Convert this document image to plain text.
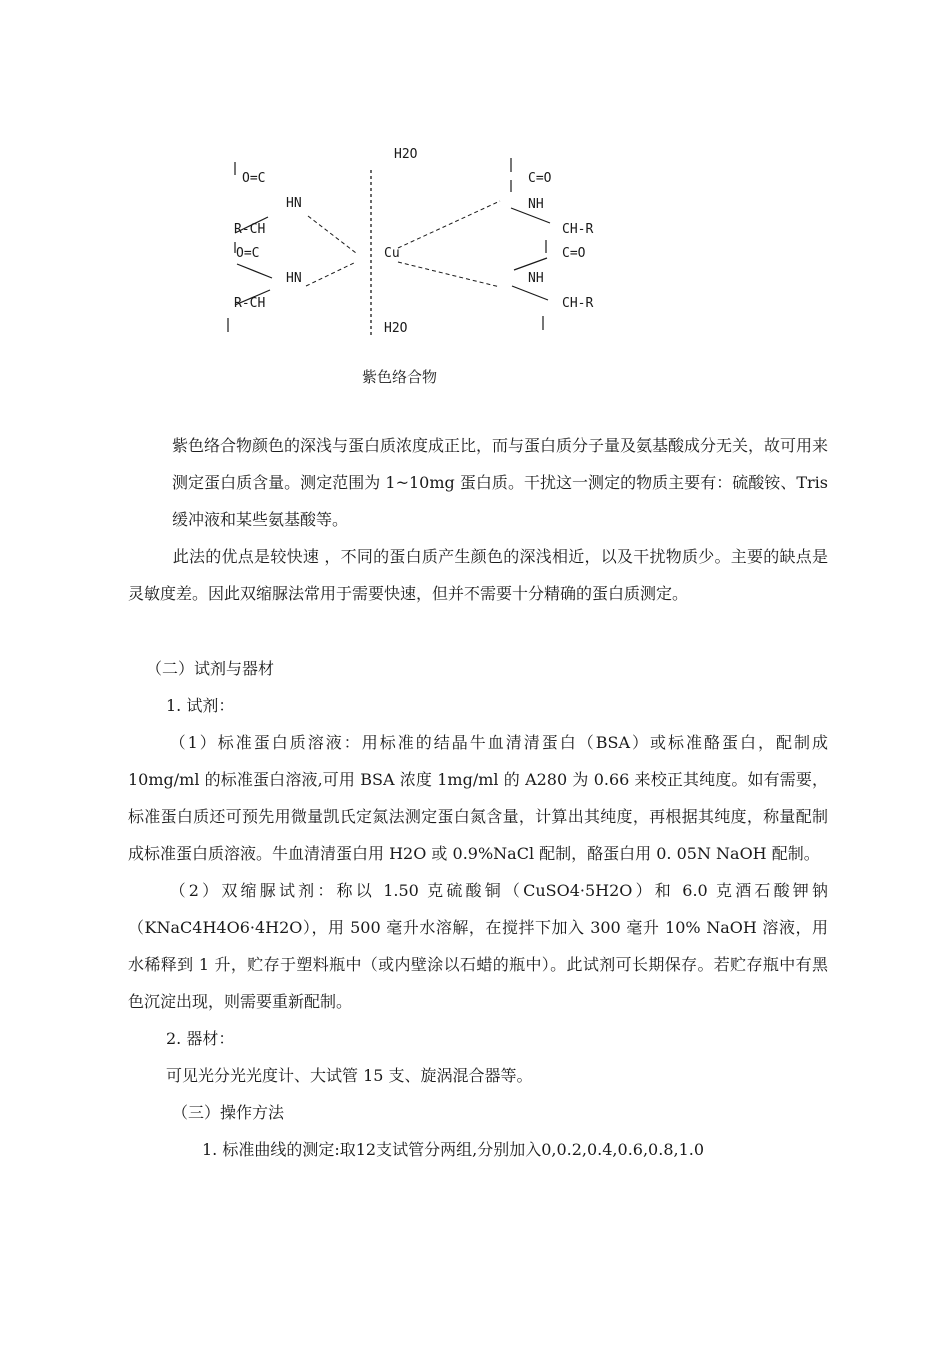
H2O
H2O
Cu
O=C
HN
R-CH
O=C
HN
R-CH
C=O
NH
CH-R
C=O
NH
CH-R
紫色络合物

紫色络合物颜色的深浅与蛋白质浓度成正比，而与蛋白质分子量及氨基酸成分无关，故可用来测定蛋白质含量。测定范围为 1~10mg 蛋白质。干扰这一测定的物质主要有：硫酸铵、Tris 缓冲液和某些氨基酸等。

此法的优点是较快速 ，不同的蛋白质产生颜色的深浅相近，以及干扰物质少。主要的缺点是灵敏度差。因此双缩脲法常用于需要快速，但并不需要十分精确的蛋白质测定。

（二）试剂与器材

1. 试剂：

（1）标准蛋白质溶液：用标准的结晶牛血清清蛋白（BSA）或标准酪蛋白，配制成 10mg/ml 的标准蛋白溶液,可用 BSA 浓度 1mg/ml 的 A280 为 0.66 来校正其纯度。如有需要，标准蛋白质还可预先用微量凯氏定氮法测定蛋白氮含量，计算出其纯度，再根据其纯度，称量配制成标准蛋白质溶液。牛血清清蛋白用 H2O 或 0.9%NaCl 配制，酪蛋白用 0. 05N NaOH 配制。

（2）双缩脲试剂：称以 1.50 克硫酸铜（CuSO4·5H2O）和 6.0 克酒石酸钾钠（KNaC4H4O6·4H2O），用 500 毫升水溶解，在搅拌下加入 300 毫升 10% NaOH 溶液，用水稀释到 1 升，贮存于塑料瓶中（或内壁涂以石蜡的瓶中）。此试剂可长期保存。若贮存瓶中有黑色沉淀出现，则需要重新配制。

2. 器材：

可见光分光光度计、大试管 15 支、旋涡混合器等。

（三）操作方法

1. 标准曲线的测定:取12支试管分两组,分别加入0,0.2,0.4,0.6,0.8,1.0
